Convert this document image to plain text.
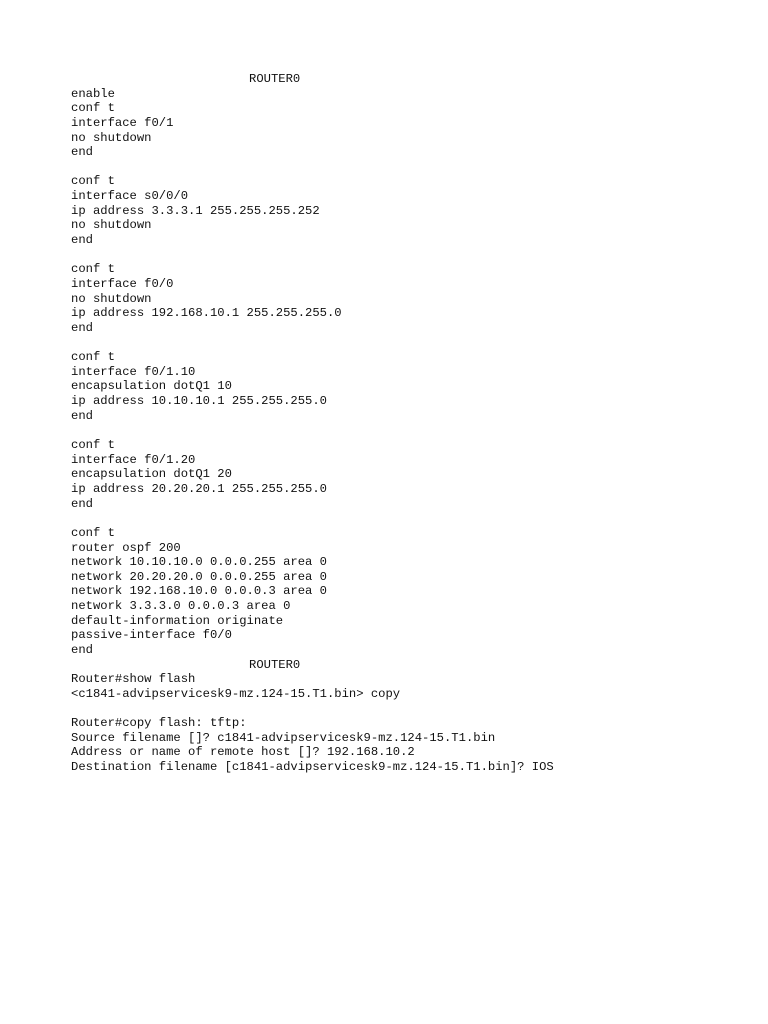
ROUTER0
enable
conf t
interface f0/1
no shutdown
end
conf t
interface s0/0/0
ip address 3.3.3.1 255.255.255.252
no shutdown
end
conf t
interface f0/0
no shutdown
ip address 192.168.10.1 255.255.255.0
end
conf t
interface f0/1.10
encapsulation dotQ1 10
ip address 10.10.10.1 255.255.255.0
end
conf t
interface f0/1.20
encapsulation dotQ1 20
ip address 20.20.20.1 255.255.255.0
end
conf t
router ospf 200
network 10.10.10.0 0.0.0.255 area 0
network 20.20.20.0 0.0.0.255 area 0
network 192.168.10.0 0.0.0.3 area 0
network 3.3.3.0 0.0.0.3 area 0
default-information originate
passive-interface f0/0
end
ROUTER0
Router#show flash
<c1841-advipservicesk9-mz.124-15.T1.bin> copy
Router#copy flash: tftp:
Source filename []? c1841-advipservicesk9-mz.124-15.T1.bin
Address or name of remote host []? 192.168.10.2
Destination filename [c1841-advipservicesk9-mz.124-15.T1.bin]? IOS
